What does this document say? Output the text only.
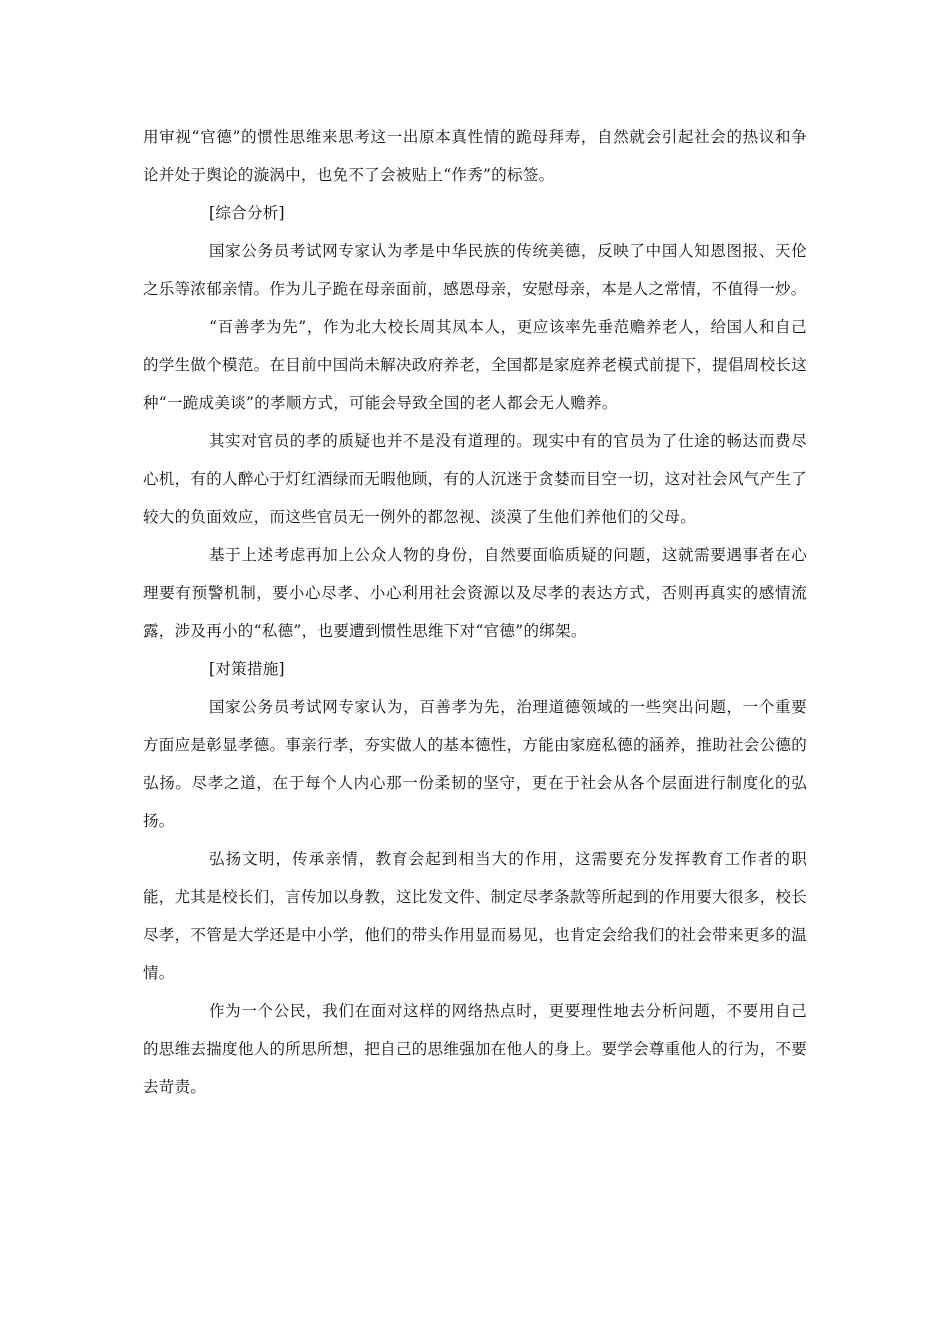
用审视“官德”的惯性思维来思考这一出原本真性情的跪母拜寿，自然就会引起社会的热议和争论并处于舆论的漩涡中，也免不了会被贴上“作秀”的标签。

[综合分析]

国家公务员考试网专家认为孝是中华民族的传统美德，反映了中国人知恩图报、天伦之乐等浓郁亲情。作为儿子跪在母亲面前，感恩母亲，安慰母亲，本是人之常情，不值得一炒。

“百善孝为先”，作为北大校长周其凤本人，更应该率先垂范赡养老人，给国人和自己的学生做个模范。在目前中国尚未解决政府养老，全国都是家庭养老模式前提下，提倡周校长这种“一跪成美谈”的孝顺方式，可能会导致全国的老人都会无人赡养。

其实对官员的孝的质疑也并不是没有道理的。现实中有的官员为了仕途的畅达而费尽心机，有的人醉心于灯红酒绿而无暇他顾，有的人沉迷于贪婪而目空一切，这对社会风气产生了较大的负面效应，而这些官员无一例外的都忽视、淡漠了生他们养他们的父母。

基于上述考虑再加上公众人物的身份，自然要面临质疑的问题，这就需要遇事者在心理要有预警机制，要小心尽孝、小心利用社会资源以及尽孝的表达方式，否则再真实的感情流露，涉及再小的“私德”，也要遭到惯性思维下对“官德”的绑架。

[对策措施]

国家公务员考试网专家认为，百善孝为先，治理道德领域的一些突出问题，一个重要方面应是彰显孝德。事亲行孝，夯实做人的基本德性，方能由家庭私德的涵养，推助社会公德的弘扬。尽孝之道，在于每个人内心那一份柔韧的坚守，更在于社会从各个层面进行制度化的弘扬。

弘扬文明，传承亲情，教育会起到相当大的作用，这需要充分发挥教育工作者的职能，尤其是校长们，言传加以身教，这比发文件、制定尽孝条款等所起到的作用要大很多，校长尽孝，不管是大学还是中小学，他们的带头作用显而易见，也肯定会给我们的社会带来更多的温情。

作为一个公民，我们在面对这样的网络热点时，更要理性地去分析问题，不要用自己的思维去揣度他人的所思所想，把自己的思维强加在他人的身上。要学会尊重他人的行为，不要去苛责。
